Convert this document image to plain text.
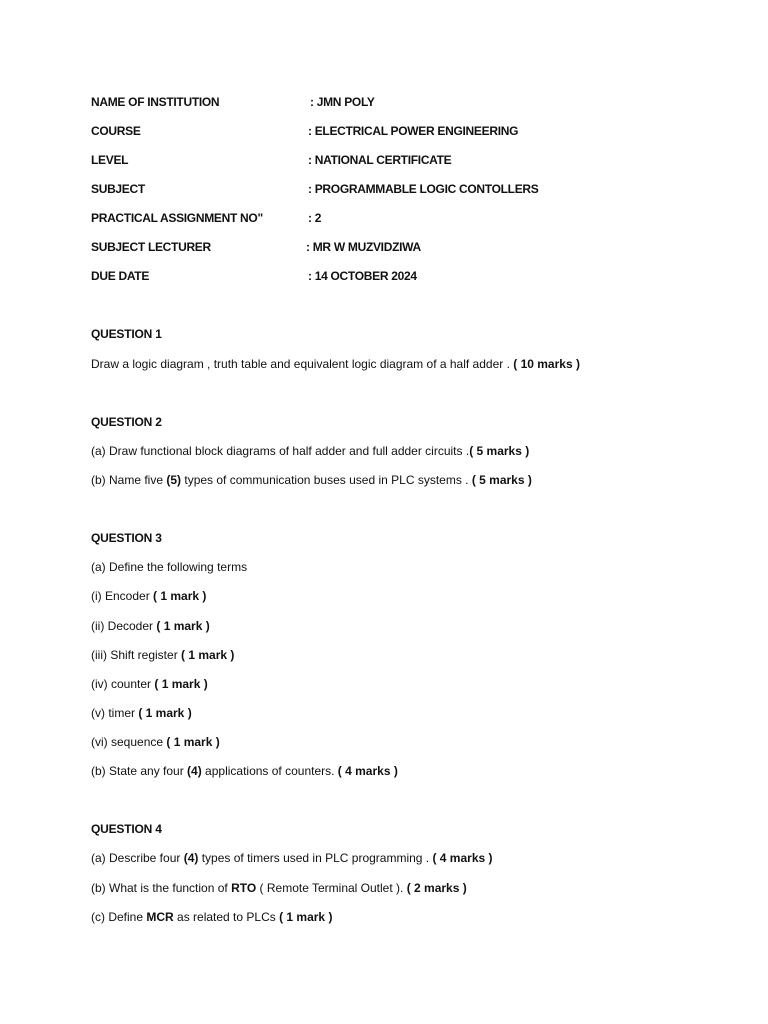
NAME OF INSTITUTION	: JMN POLY
COURSE	: ELECTRICAL POWER ENGINEERING
LEVEL	: NATIONAL CERTIFICATE
SUBJECT	: PROGRAMMABLE LOGIC CONTOLLERS
PRACTICAL ASSIGNMENT NO"	: 2
SUBJECT LECTURER	: MR W MUZVIDZIWA
DUE DATE	: 14 OCTOBER 2024
QUESTION 1
Draw a logic diagram , truth table and equivalent logic diagram of a half adder . ( 10 marks )
QUESTION 2
(a) Draw functional block diagrams of half adder and full adder circuits .( 5 marks )
(b) Name five (5) types of communication buses used in PLC systems . ( 5 marks )
QUESTION 3
(a) Define the following terms
(i) Encoder ( 1 mark )
(ii) Decoder ( 1 mark )
(iii) Shift register ( 1 mark )
(iv) counter ( 1 mark )
(v) timer ( 1 mark )
(vi) sequence ( 1 mark )
(b) State any four (4) applications of counters. ( 4 marks )
QUESTION 4
(a) Describe four (4) types of timers used in PLC programming . ( 4 marks )
(b) What is the function of RTO ( Remote Terminal Outlet ). ( 2 marks )
(c) Define MCR as related to PLCs ( 1 mark )
